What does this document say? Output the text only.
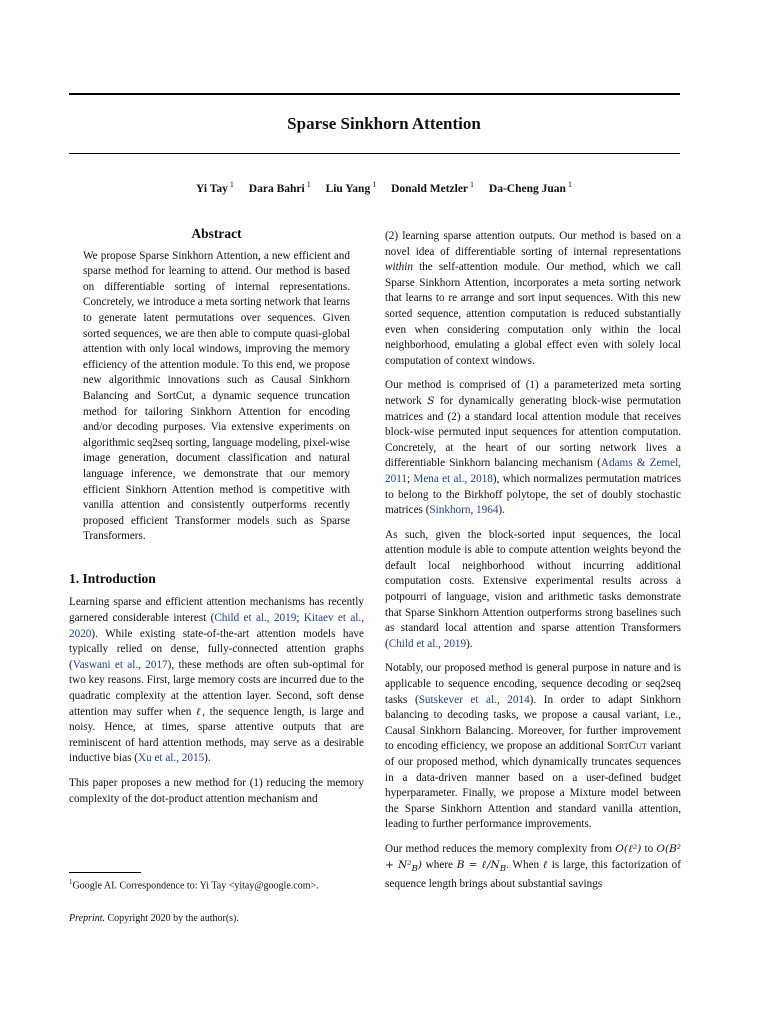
Sparse Sinkhorn Attention
Yi Tay $^1$ Dara Bahri $^1$ Liu Yang $^1$ Donald Metzler $^1$ Da-Cheng Juan $^1$
Abstract
We propose Sparse Sinkhorn Attention, a new efficient and sparse method for learning to attend. Our method is based on differentiable sorting of internal representations. Concretely, we introduce a meta sorting network that learns to generate latent permutations over sequences. Given sorted sequences, we are then able to compute quasi-global attention with only local windows, improving the memory efficiency of the attention module. To this end, we propose new algorithmic innovations such as Causal Sinkhorn Balancing and SortCut, a dynamic sequence truncation method for tailoring Sinkhorn Attention for encoding and/or decoding purposes. Via extensive experiments on algorithmic seq2seq sorting, language modeling, pixel-wise image generation, document classification and natural language inference, we demonstrate that our memory efficient Sinkhorn Attention method is competitive with vanilla attention and consistently outperforms recently proposed efficient Transformer models such as Sparse Transformers.
1. Introduction

Learning sparse and efficient attention mechanisms has recently garnered considerable interest (Child et al., 2019; Kitaev et al., 2020). While existing state-of-the-art attention models have typically relied on dense, fully-connected attention graphs (Vaswani et al., 2017), these methods are often sub-optimal for two key reasons. First, large memory costs are incurred due to the quadratic complexity at the attention layer. Second, soft dense attention may suffer when ℓ, the sequence length, is large and noisy. Hence, at times, sparse attentive outputs that are reminiscent of hard attention methods, may serve as a desirable inductive bias (Xu et al., 2015).

This paper proposes a new method for (1) reducing the memory complexity of the dot-product attention mechanism and

(2) learning sparse attention outputs. Our method is based on a novel idea of differentiable sorting of internal representations within the self-attention module. Our method, which we call Sparse Sinkhorn Attention, incorporates a meta sorting network that learns to re arrange and sort input sequences. With this new sorted sequence, attention computation is reduced substantially even when considering computation only within the local neighborhood, emulating a global effect even with solely local computation of context windows.

Our method is comprised of (1) a parameterized meta sorting network S for dynamically generating block-wise permutation matrices and (2) a standard local attention module that receives block-wise permuted input sequences for attention computation. Concretely, at the heart of our sorting network lives a differentiable Sinkhorn balancing mechanism (Adams & Zemel, 2011; Mena et al., 2018), which normalizes permutation matrices to belong to the Birkhoff polytope, the set of doubly stochastic matrices (Sinkhorn, 1964).

As such, given the block-sorted input sequences, the local attention module is able to compute attention weights beyond the default local neighborhood without incurring additional computation costs. Extensive experimental results across a potpourri of language, vision and arithmetic tasks demonstrate that Sparse Sinkhorn Attention outperforms strong baselines such as standard local attention and sparse attention Transformers (Child et al., 2019).

Notably, our proposed method is general purpose in nature and is applicable to sequence encoding, sequence decoding or seq2seq tasks (Sutskever et al., 2014). In order to adapt Sinkhorn balancing to decoding tasks, we propose a causal variant, i.e., Causal Sinkhorn Balancing. Moreover, for further improvement to encoding efficiency, we propose an additional SortCut variant of our proposed method, which dynamically truncates sequences in a data-driven manner based on a user-defined budget hyperparameter. Finally, we propose a Mixture model between the Sparse Sinkhorn Attention and standard vanilla attention, leading to further performance improvements.

Our method reduces the memory complexity from O(ℓ²) to $O(B^2 + N^2_B)$ where $B = \ell/N_B$. When ℓ is large, this factorization of sequence length brings about substantial savings

$^1$Google AI. Correspondence to: Yi Tay <yitay@google.com>.
Preprint. Copyright 2020 by the author(s).
